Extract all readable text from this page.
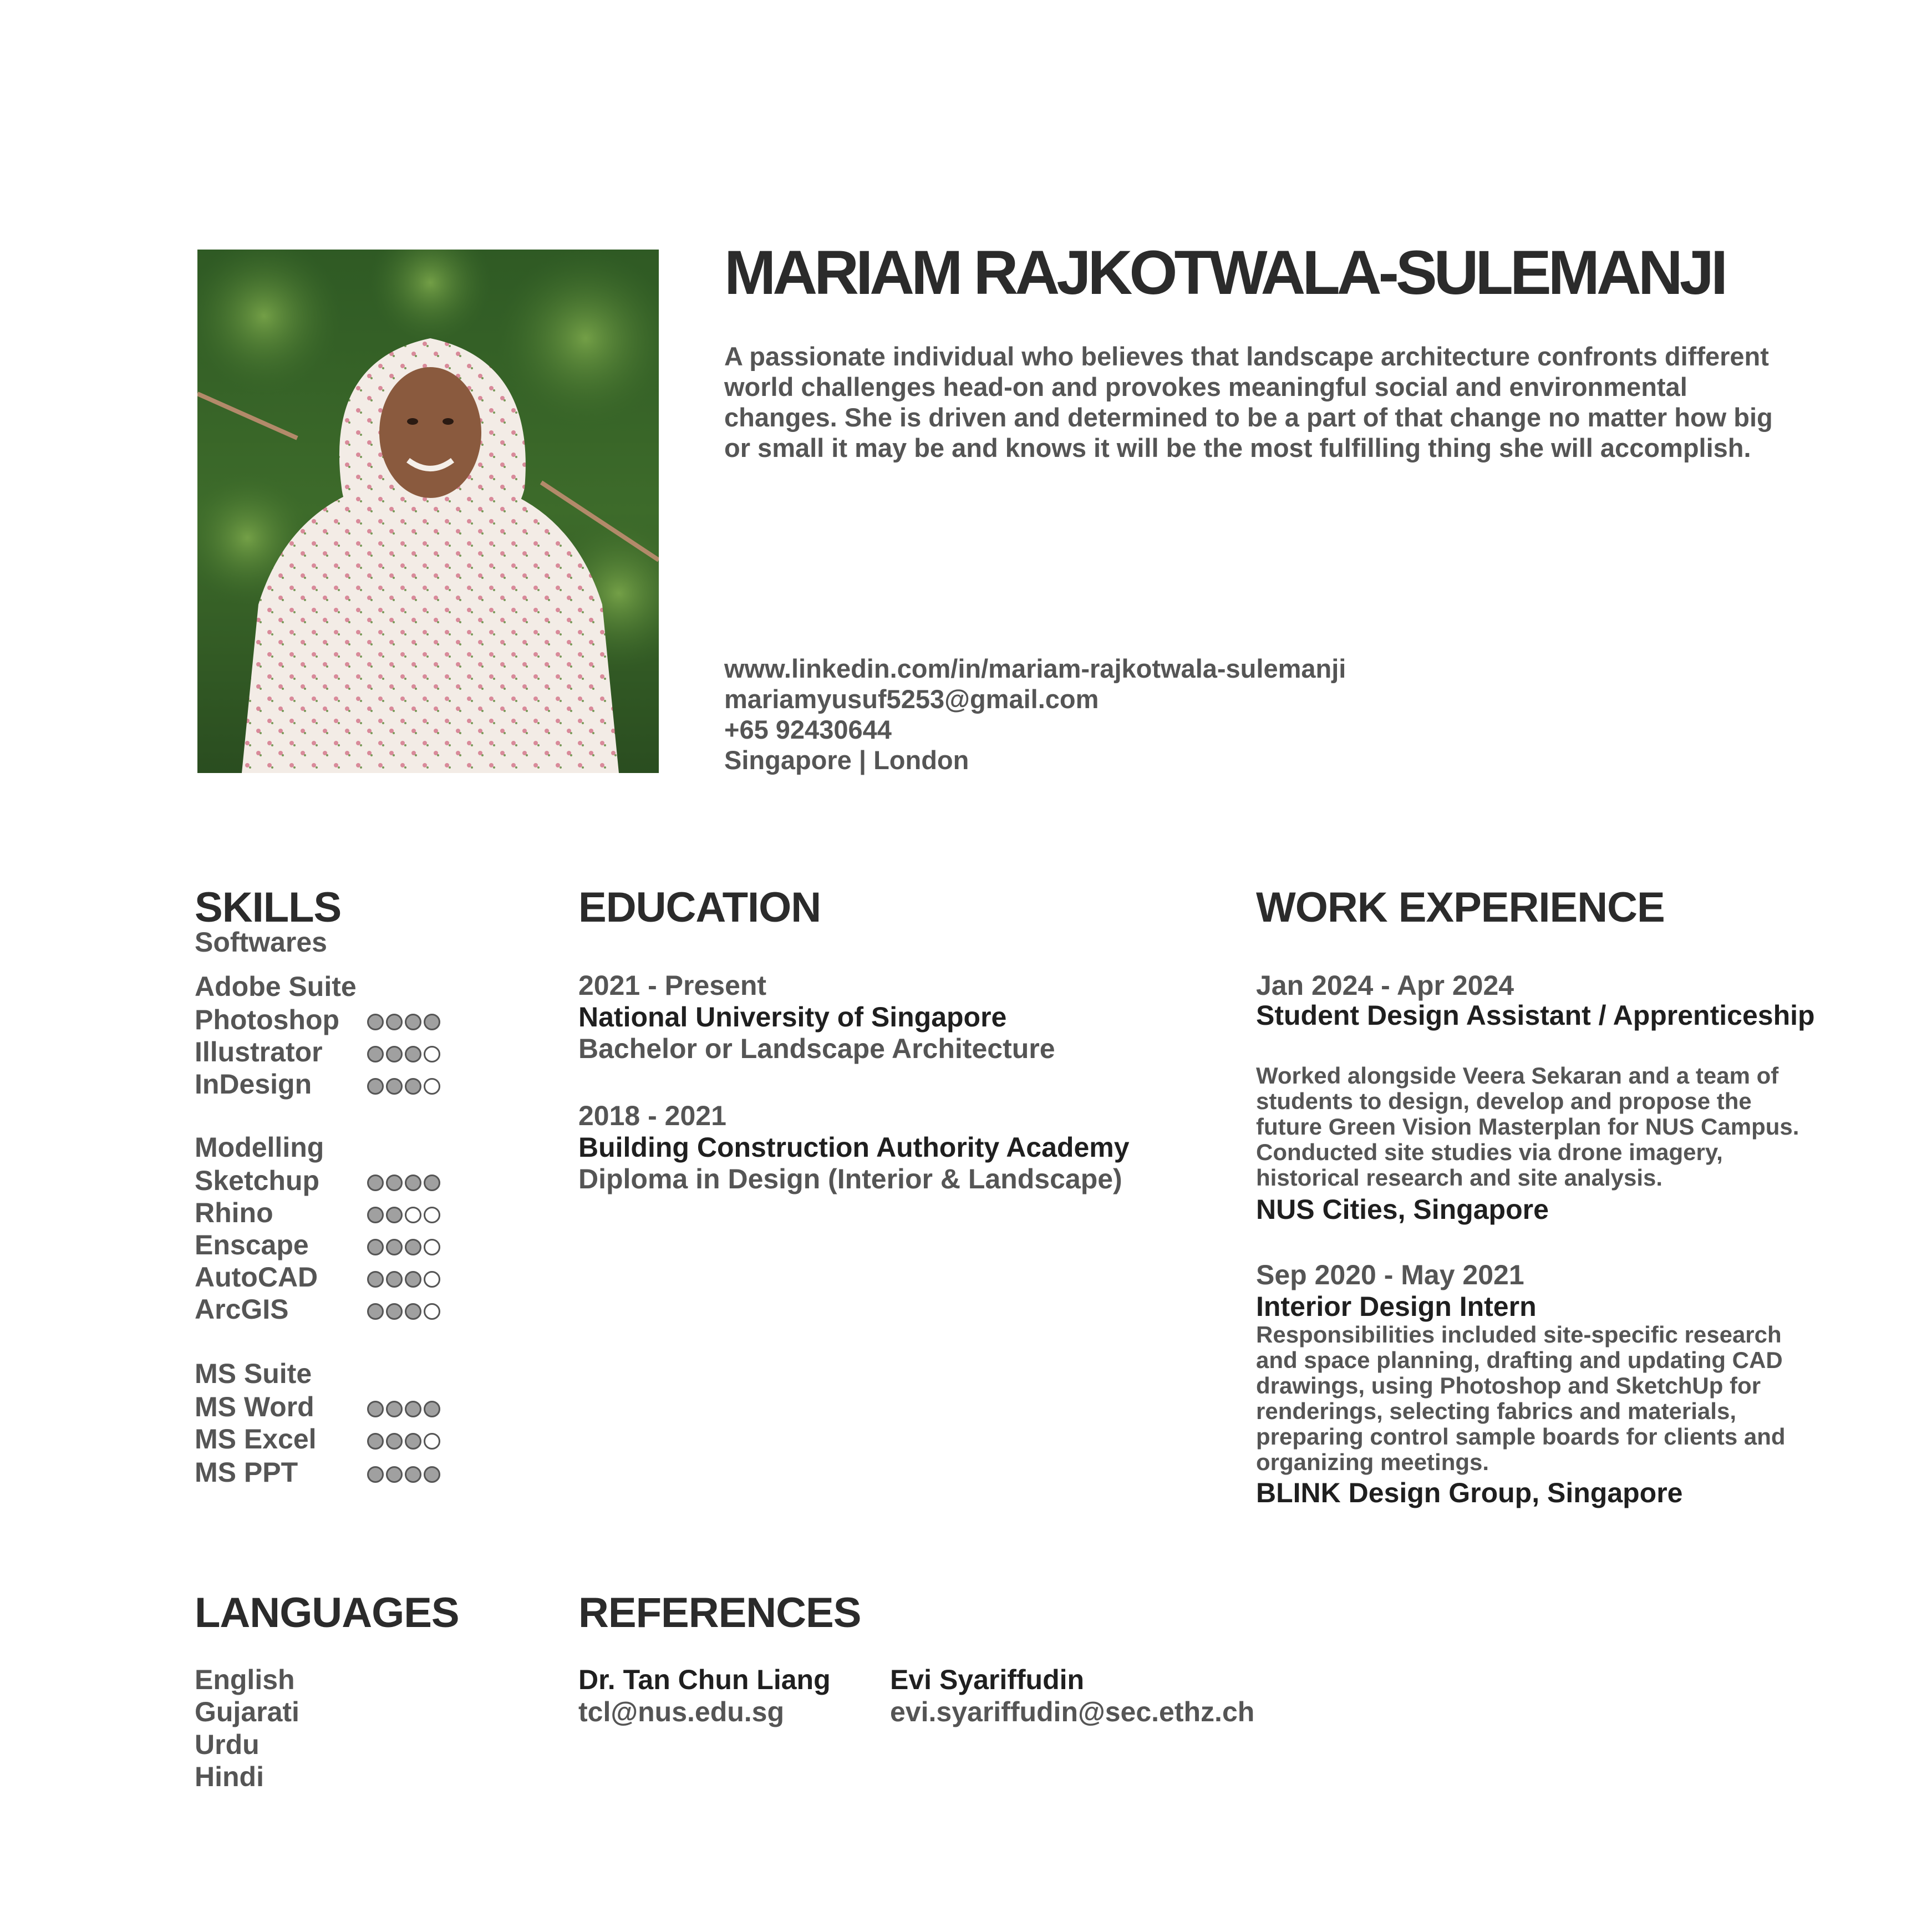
MARIAM RAJKOTWALA-SULEMANJI

A passionate individual who believes that landscape architecture confronts different world challenges head-on and provokes meaningful social and environmental changes. She is driven and determined to be a part of that change no matter how big or small it may be and knows it will be the most fulfilling thing she will accomplish.

www.linkedin.com/in/mariam-rajkotwala-sulemanji
mariamyusuf5253@gmail.com
+65 92430644
Singapore | London
SKILLS
Softwares
Adobe Suite
Photoshop
Illustrator
InDesign
Modelling
Sketchup
Rhino
Enscape
AutoCAD
ArcGIS
MS Suite
MS Word
MS Excel
MS PPT
EDUCATION
2021 - Present
National University of Singapore
Bachelor or Landscape Architecture
2018 - 2021
Building Construction Authority Academy
Diploma in Design (Interior & Landscape)
WORK EXPERIENCE
Jan 2024 - Apr 2024
Student Design Assistant / Apprenticeship

Worked alongside Veera Sekaran and a team of students to design, develop and propose the future Green Vision Masterplan for NUS Campus. Conducted site studies via drone imagery, historical research and site analysis.

NUS Cities, Singapore
Sep 2020 - May 2021
Interior Design Intern

Responsibilities included site-specific research and space planning, drafting and updating CAD drawings, using Photoshop and SketchUp for renderings, selecting fabrics and materials, preparing control sample boards for clients and organizing meetings.

BLINK Design Group, Singapore
LANGUAGES
English
Gujarati
Urdu
Hindi
REFERENCES
Dr. Tan Chun Liang
tcl@nus.edu.sg
Evi Syariffudin
evi.syariffudin@sec.ethz.ch
